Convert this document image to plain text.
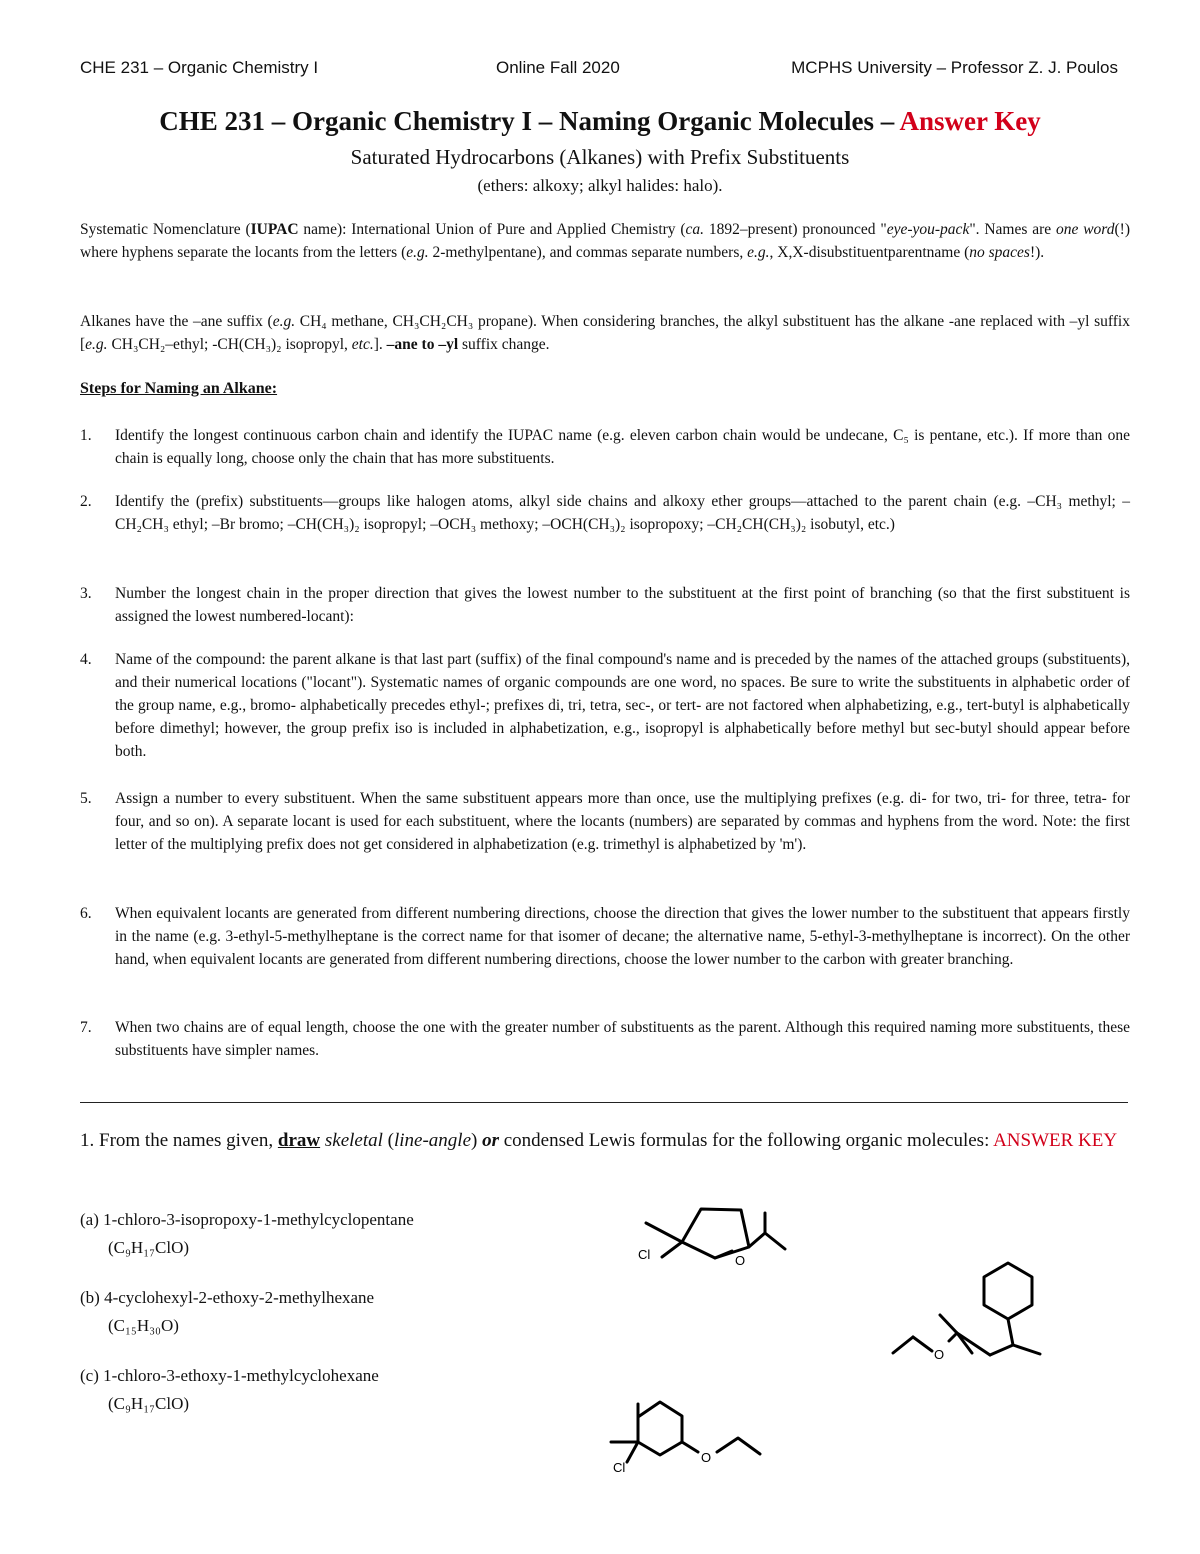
CHE 231 – Organic Chemistry I	Online Fall 2020	MCPHS University – Professor Z. J. Poulos
CHE 231 – Organic Chemistry I – Naming Organic Molecules – Answer Key
Saturated Hydrocarbons (Alkanes) with Prefix Substituents
(ethers: alkoxy; alkyl halides: halo).
Systematic Nomenclature (IUPAC name): International Union of Pure and Applied Chemistry (ca. 1892–present) pronounced "eye-you-pack". Names are one word(!) where hyphens separate the locants from the letters (e.g. 2-methylpentane), and commas separate numbers, e.g., X,X-disubstituentparentname (no spaces!).
Alkanes have the –ane suffix (e.g. CH₄ methane, CH₃CH₂CH₃ propane). When considering branches, the alkyl substituent has the alkane -ane replaced with –yl suffix [e.g. CH₃CH₂–ethyl; -CH(CH₃)₂ isopropyl, etc.]. –ane to –yl suffix change.
Steps for Naming an Alkane:
1.	Identify the longest continuous carbon chain and identify the IUPAC name (e.g. eleven carbon chain would be undecane, C₅ is pentane, etc.). If more than one chain is equally long, choose only the chain that has more substituents.
2.	Identify the (prefix) substituents—groups like halogen atoms, alkyl side chains and alkoxy ether groups—attached to the parent chain (e.g. –CH₃ methyl; –CH₂CH₃ ethyl; –Br bromo; –CH(CH₃)₂ isopropyl; –OCH₃ methoxy; –OCH(CH₃)₂ isopropoxy; –CH₂CH(CH₃)₂ isobutyl, etc.)
3.	Number the longest chain in the proper direction that gives the lowest number to the substituent at the first point of branching (so that the first substituent is assigned the lowest numbered-locant):
4.	Name of the compound: the parent alkane is that last part (suffix) of the final compound's name and is preceded by the names of the attached groups (substituents), and their numerical locations ("locant"). Systematic names of organic compounds are one word, no spaces. Be sure to write the substituents in alphabetic order of the group name, e.g., bromo- alphabetically precedes ethyl-; prefixes di, tri, tetra, sec-, or tert- are not factored when alphabetizing, e.g., tert-butyl is alphabetically before dimethyl; however, the group prefix iso is included in alphabetization, e.g., isopropyl is alphabetically before methyl but sec-butyl should appear before both.
5.	Assign a number to every substituent. When the same substituent appears more than once, use the multiplying prefixes (e.g. di- for two, tri- for three, tetra- for four, and so on). A separate locant is used for each substituent, where the locants (numbers) are separated by commas and hyphens from the word. Note: the first letter of the multiplying prefix does not get considered in alphabetization (e.g. trimethyl is alphabetized by 'm').
6.	When equivalent locants are generated from different numbering directions, choose the direction that gives the lower number to the substituent that appears firstly in the name (e.g. 3-ethyl-5-methylheptane is the correct name for that isomer of decane; the alternative name, 5-ethyl-3-methylheptane is incorrect). On the other hand, when equivalent locants are generated from different numbering directions, choose the lower number to the carbon with greater branching.
7.	When two chains are of equal length, choose the one with the greater number of substituents as the parent. Although this required naming more substituents, these substituents have simpler names.
1. From the names given, draw skeletal (line-angle) or condensed Lewis formulas for the following organic molecules: ANSWER KEY
(a) 1-chloro-3-isopropoxy-1-methylcyclopentane
(C₉H₁₇ClO)
(b) 4-cyclohexyl-2-ethoxy-2-methylhexane
(C₁₅H₃₀O)
(c) 1-chloro-3-ethoxy-1-methylcyclohexane
(C₉H₁₇ClO)
Cl	O
O
Cl
O
